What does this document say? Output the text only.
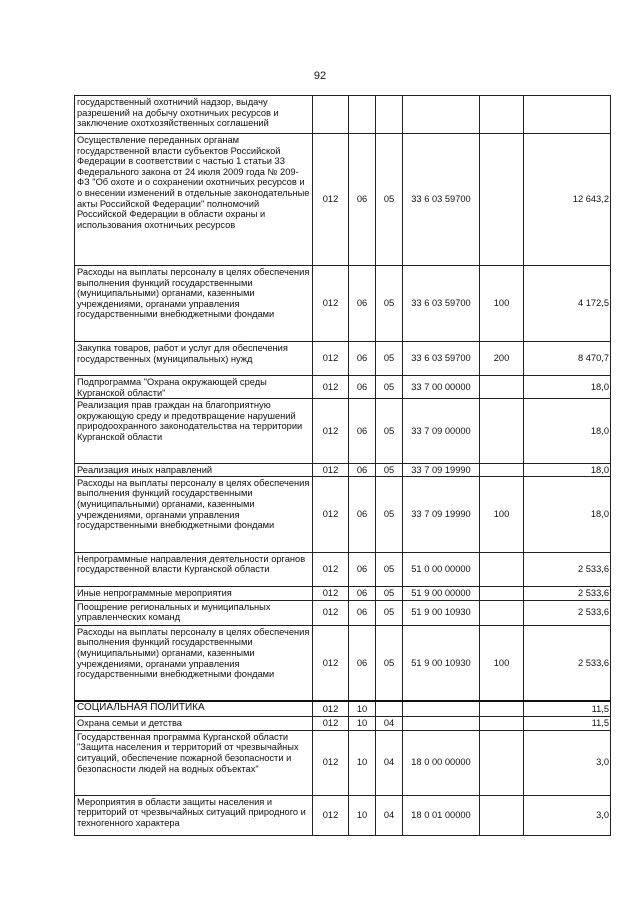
92
государственный охотничий надзор, выдачу разрешений на добычу охотничьих ресурсов и заключение охотхозяйственных соглашений						
Осуществление переданных органам государственной власти субъектов Российской Федерации в соответствии с частью 1 статьи 33 Федерального закона от 24 июля 2009 года № 209-ФЗ "Об охоте и о сохранении охотничьих ресурсов и о внесении изменений в отдельные законодательные акты Российской Федерации" полномочий Российской Федерации в области охраны и использования охотничьих ресурсов	012	06	05	33 6 03 59700		12 643,2
Расходы на выплаты персоналу в целях обеспечения выполнения функций государственными (муниципальными) органами, казенными учреждениями, органами управления государственными внебюджетными фондами	012	06	05	33 6 03 59700	100	4 172,5
Закупка товаров, работ и услуг для обеспечения государственных (муниципальных) нужд	012	06	05	33 6 03 59700	200	8 470,7
Подпрограмма "Охрана окружающей среды Курганской области"	012	06	05	33 7 00 00000		18,0
Реализация прав граждан на благоприятную окружающую среду и предотвращение нарушений природоохранного законодательства на территории Курганской области	012	06	05	33 7 09 00000		18,0
Реализация иных направлений	012	06	05	33 7 09 19990		18,0
Расходы на выплаты персоналу в целях обеспечения выполнения функций государственными (муниципальными) органами, казенными учреждениями, органами управления государственными внебюджетными фондами	012	06	05	33 7 09 19990	100	18,0
Непрограммные направления деятельности органов государственной власти Курганской области	012	06	05	51 0 00 00000		2 533,6
Иные непрограммные мероприятия	012	06	05	51 9 00 00000		2 533,6
Поощрение региональных и муниципальных управленческих команд	012	06	05	51 9 00 10930		2 533,6
Расходы на выплаты персоналу в целях обеспечения выполнения функций государственными (муниципальными) органами, казенными учреждениями, органами управления государственными внебюджетными фондами	012	06	05	51 9 00 10930	100	2 533,6
СОЦИАЛЬНАЯ ПОЛИТИКА	012	10				11,5
Охрана семьи и детства	012	10	04			11,5
Государственная программа Курганской области "Защита населения и территорий от чрезвычайных ситуаций, обеспечение пожарной безопасности и безопасности людей на водных объектах"	012	10	04	18 0 00 00000		3,0
Мероприятия в области защиты населения и территорий от чрезвычайных ситуаций природного и техногенного характера	012	10	04	18 0 01 00000		3,0
